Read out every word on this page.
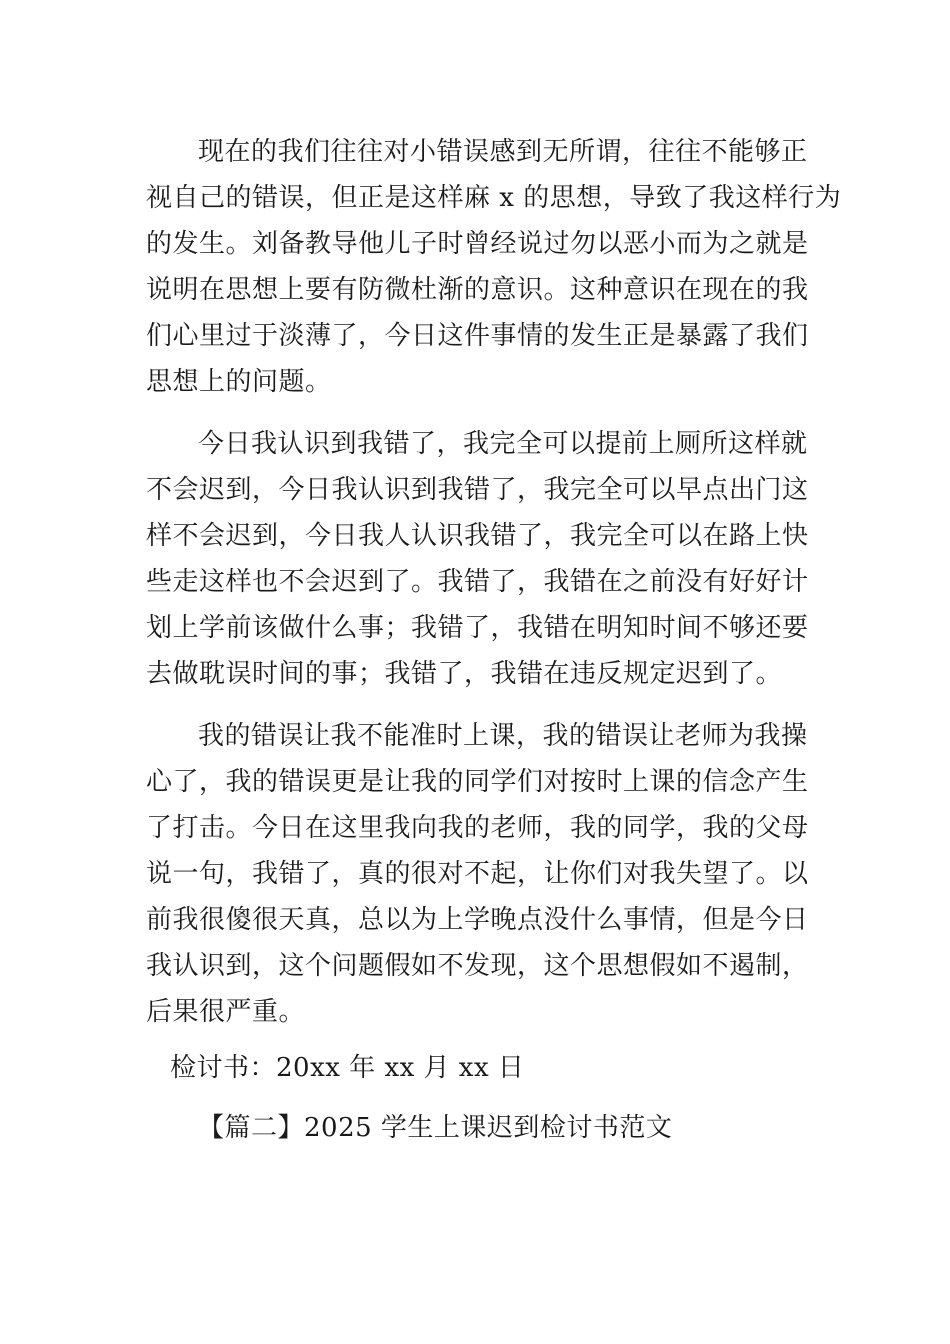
现在的我们往往对小错误感到无所谓，往往不能够正
视自己的错误，但正是这样麻 x 的思想，导致了我这样行为
的发生。刘备教导他儿子时曾经说过勿以恶小而为之就是
说明在思想上要有防微杜渐的意识。这种意识在现在的我
们心里过于淡薄了，今日这件事情的发生正是暴露了我们
思想上的问题。
今日我认识到我错了，我完全可以提前上厕所这样就
不会迟到，今日我认识到我错了，我完全可以早点出门这
样不会迟到，今日我人认识我错了，我完全可以在路上快
些走这样也不会迟到了。我错了，我错在之前没有好好计
划上学前该做什么事；我错了，我错在明知时间不够还要
去做耽误时间的事；我错了，我错在违反规定迟到了。
我的错误让我不能准时上课，我的错误让老师为我操
心了，我的错误更是让我的同学们对按时上课的信念产生
了打击。今日在这里我向我的老师，我的同学，我的父母
说一句，我错了，真的很对不起，让你们对我失望了。以
前我很傻很天真，总以为上学晚点没什么事情，但是今日
我认识到，这个问题假如不发现，这个思想假如不遏制，
后果很严重。
检讨书：20xx 年 xx 月 xx 日
【篇二】2025 学生上课迟到检讨书范文
